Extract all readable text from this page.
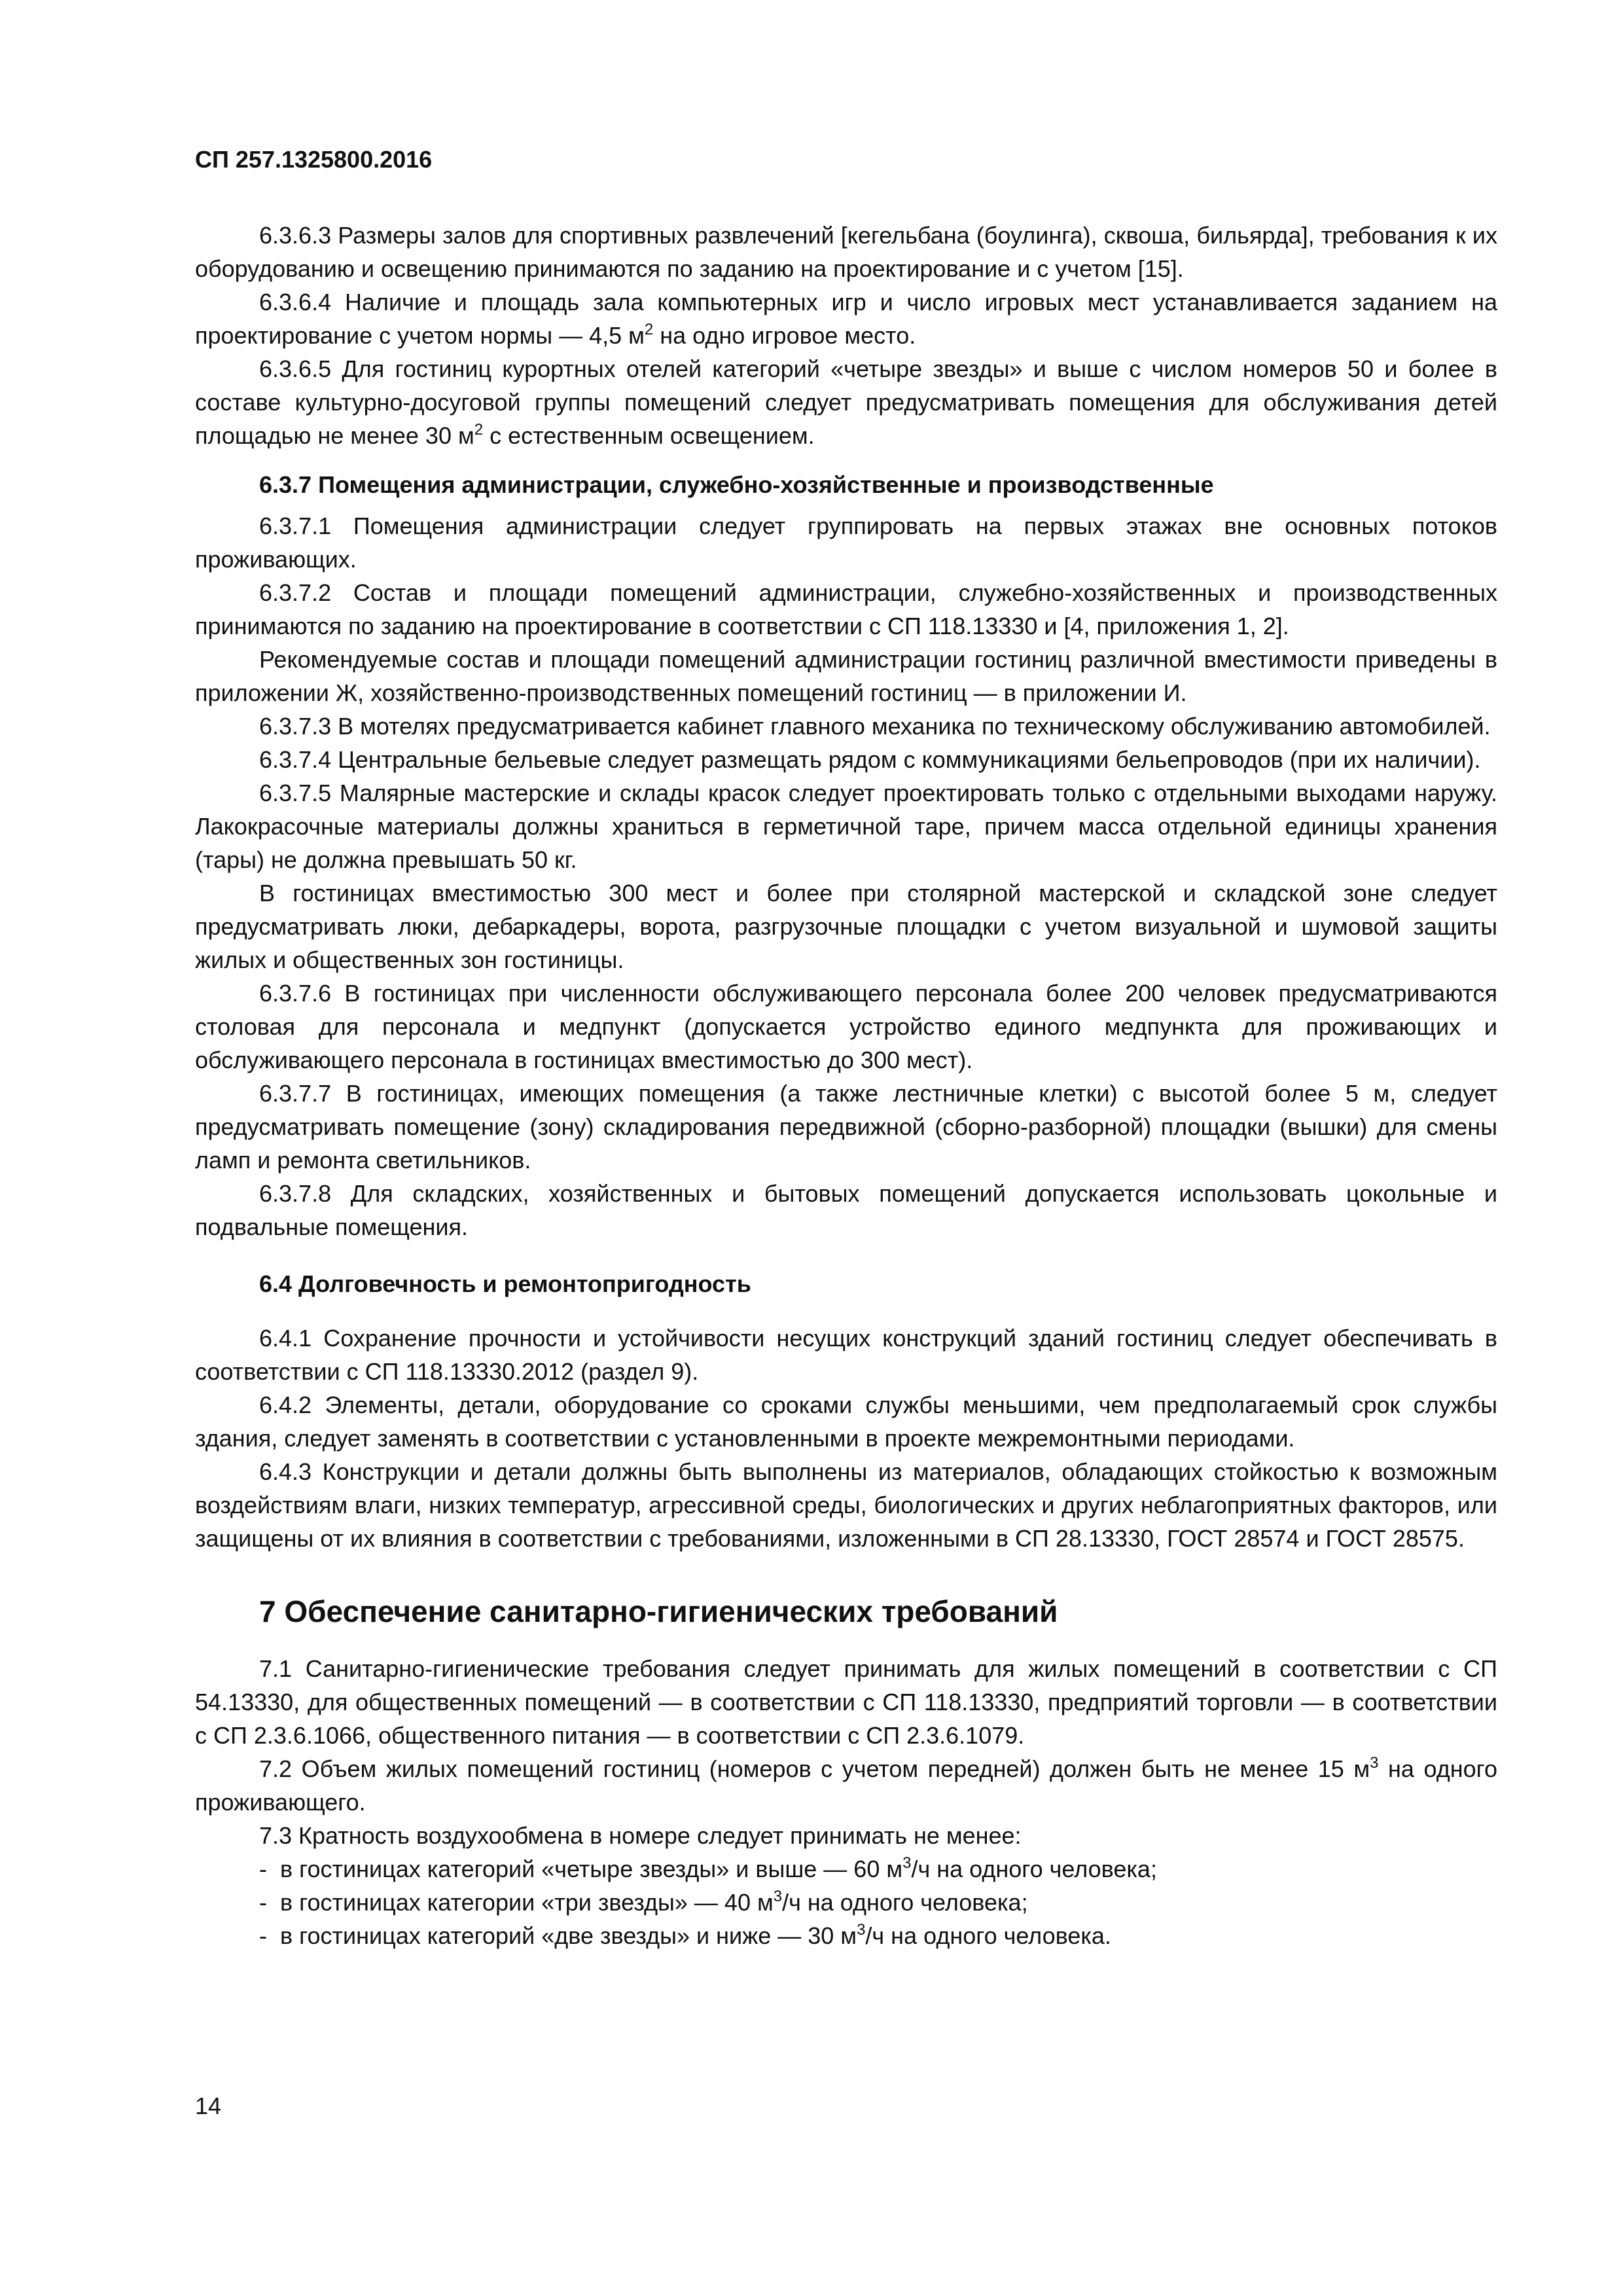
СП 257.1325800.2016

6.3.6.3 Размеры залов для спортивных развлечений [кегельбана (боулинга), сквоша, бильярда], требования к их оборудованию и освещению принимаются по заданию на проектирование и с учетом [15].

6.3.6.4 Наличие и площадь зала компьютерных игр и число игровых мест устанавливается заданием на проектирование с учетом нормы — 4,5 $м^2$ на одно игровое место.

6.3.6.5 Для гостиниц курортных отелей категорий «четыре звезды» и выше с числом номеров 50 и более в составе культурно-досуговой группы помещений следует предусматривать помещения для обслуживания детей площадью не менее 30 $м^2$ с естественным освещением.

6.3.7 Помещения администрации, служебно-хозяйственные и производственные

6.3.7.1 Помещения администрации следует группировать на первых этажах вне основных потоков проживающих.

6.3.7.2 Состав и площади помещений администрации, служебно-хозяйственных и производственных принимаются по заданию на проектирование в соответствии с СП 118.13330 и [4, приложения 1, 2].

Рекомендуемые состав и площади помещений администрации гостиниц различной вместимости приведены в приложении Ж, хозяйственно-производственных помещений гостиниц — в приложении И.

6.3.7.3 В мотелях предусматривается кабинет главного механика по техническому обслуживанию автомобилей.

6.3.7.4 Центральные бельевые следует размещать рядом с коммуникациями бельепроводов (при их наличии).

6.3.7.5 Малярные мастерские и склады красок следует проектировать только с отдельными выходами наружу. Лакокрасочные материалы должны храниться в герметичной таре, причем масса отдельной единицы хранения (тары) не должна превышать 50 кг.

В гостиницах вместимостью 300 мест и более при столярной мастерской и складской зоне следует предусматривать люки, дебаркадеры, ворота, разгрузочные площадки с учетом визуальной и шумовой защиты жилых и общественных зон гостиницы.

6.3.7.6 В гостиницах при численности обслуживающего персонала более 200 человек предусматриваются столовая для персонала и медпункт (допускается устройство единого медпункта для проживающих и обслуживающего персонала в гостиницах вместимостью до 300 мест).

6.3.7.7 В гостиницах, имеющих помещения (а также лестничные клетки) с высотой более 5 м, следует предусматривать помещение (зону) складирования передвижной (сборно-разборной) площадки (вышки) для смены ламп и ремонта светильников.

6.3.7.8 Для складских, хозяйственных и бытовых помещений допускается использовать цокольные и подвальные помещения.

6.4 Долговечность и ремонтопригодность

6.4.1 Сохранение прочности и устойчивости несущих конструкций зданий гостиниц следует обеспечивать в соответствии с СП 118.13330.2012 (раздел 9).

6.4.2 Элементы, детали, оборудование со сроками службы меньшими, чем предполагаемый срок службы здания, следует заменять в соответствии с установленными в проекте межремонтными периодами.

6.4.3 Конструкции и детали должны быть выполнены из материалов, обладающих стойкостью к возможным воздействиям влаги, низких температур, агрессивной среды, биологических и других неблагоприятных факторов, или защищены от их влияния в соответствии с требованиями, изложенными в СП 28.13330, ГОСТ 28574 и ГОСТ 28575.

7 Обеспечение санитарно-гигиенических требований

7.1 Санитарно-гигиенические требования следует принимать для жилых помещений в соответствии с СП 54.13330, для общественных помещений — в соответствии с СП 118.13330, предприятий торговли — в соответствии с СП 2.3.6.1066, общественного питания — в соответствии с СП 2.3.6.1079.

7.2 Объем жилых помещений гостиниц (номеров с учетом передней) должен быть не менее 15 $м^3$ на одного проживающего.

7.3 Кратность воздухообмена в номере следует принимать не менее:

- в гостиницах категорий «четыре звезды» и выше — 60 $м^3/ч$ на одного человека;
- в гостиницах категории «три звезды» — 40 $м^3/ч$ на одного человека;
- в гостиницах категорий «две звезды» и ниже — 30 $м^3/ч$ на одного человека.
14
